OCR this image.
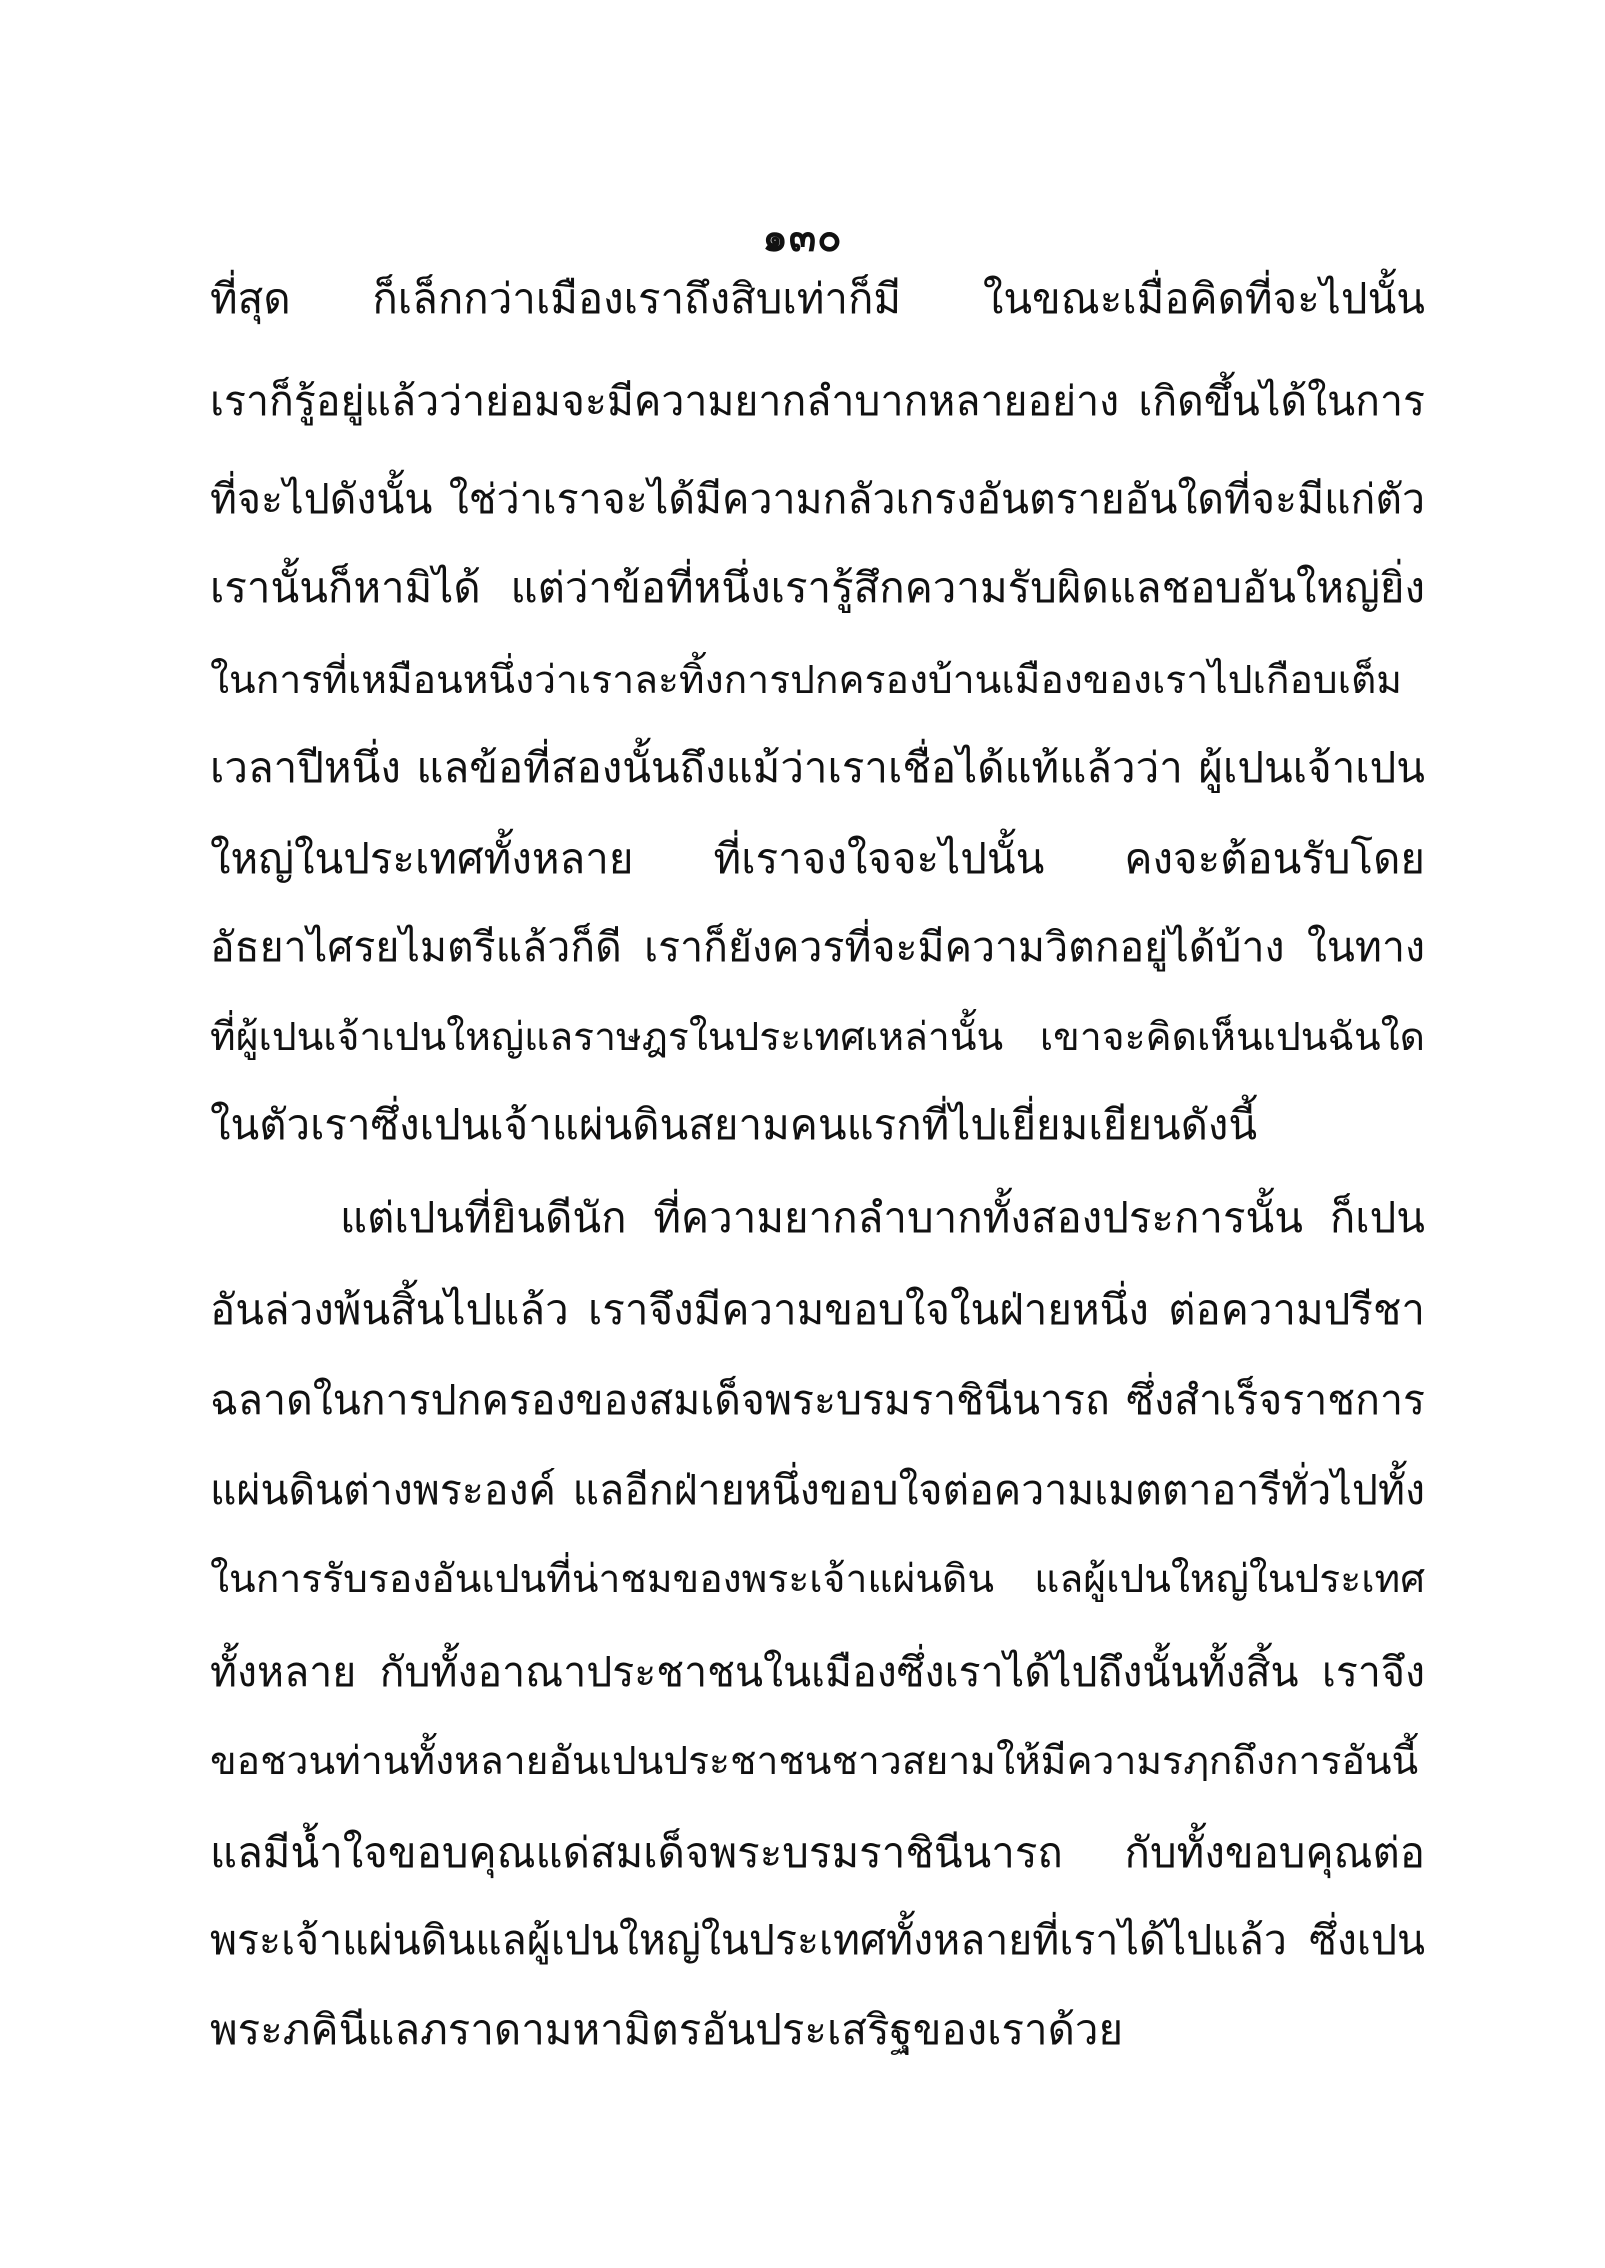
๑๓๐
ที่สุด ก็เล็กกว่าเมืองเราถึงสิบเท่าก็มี ในขณะเมื่อคิดที่จะไปนั้น
เราก็รู้อยู่แล้วว่าย่อมจะมีความยากลำบากหลายอย่าง เกิดขึ้นได้ในการ
ที่จะไปดังนั้น ใช่ว่าเราจะได้มีความกลัวเกรงอันตรายอันใดที่จะมีแก่ตัว
เรานั้นก็หามิได้ แต่ว่าข้อที่หนึ่งเรารู้สึกความรับผิดแลชอบอันใหญ่ยิ่ง
ในการที่เหมือนหนึ่งว่าเราละทิ้งการปกครองบ้านเมืองของเราไปเกือบเต็ม
เวลาปีหนึ่ง แลข้อที่สองนั้นถึงแม้ว่าเราเชื่อได้แท้แล้วว่า ผู้เปนเจ้าเปน
ใหญ่ในประเทศทั้งหลาย ที่เราจงใจจะไปนั้น คงจะต้อนรับโดย
อัธยาไศรยไมตรีแล้วก็ดี เราก็ยังควรที่จะมีความวิตกอยู่ได้บ้าง ในทาง
ที่ผู้เปนเจ้าเปนใหญ่แลราษฎรในประเทศเหล่านั้น เขาจะคิดเห็นเปนฉันใด
ในตัวเราซึ่งเปนเจ้าแผ่นดินสยามคนแรกที่ไปเยี่ยมเยียนดังนี้
แต่เปนที่ยินดีนัก ที่ความยากลำบากทั้งสองประการนั้น ก็เปน
อันล่วงพ้นสิ้นไปแล้ว เราจึงมีความขอบใจในฝ่ายหนึ่ง ต่อความปรีชา
ฉลาดในการปกครองของสมเด็จพระบรมราชินีนารถ ซึ่งสำเร็จราชการ
แผ่นดินต่างพระองค์ แลอีกฝ่ายหนึ่งขอบใจต่อความเมตตาอารีทั่วไปทั้ง
ในการรับรองอันเปนที่น่าชมของพระเจ้าแผ่นดิน แลผู้เปนใหญ่ในประเทศ
ทั้งหลาย กับทั้งอาณาประชาชนในเมืองซึ่งเราได้ไปถึงนั้นทั้งสิ้น เราจึง
ขอชวนท่านทั้งหลายอันเปนประชาชนชาวสยามให้มีความรฦกถึงการอันนี้
แลมีน้ำใจขอบคุณแด่สมเด็จพระบรมราชินีนารถ กับทั้งขอบคุณต่อ
พระเจ้าแผ่นดินแลผู้เปนใหญ่ในประเทศทั้งหลายที่เราได้ไปแล้ว ซึ่งเปน
พระภคินีแลภราดามหามิตรอันประเสริฐของเราด้วย
